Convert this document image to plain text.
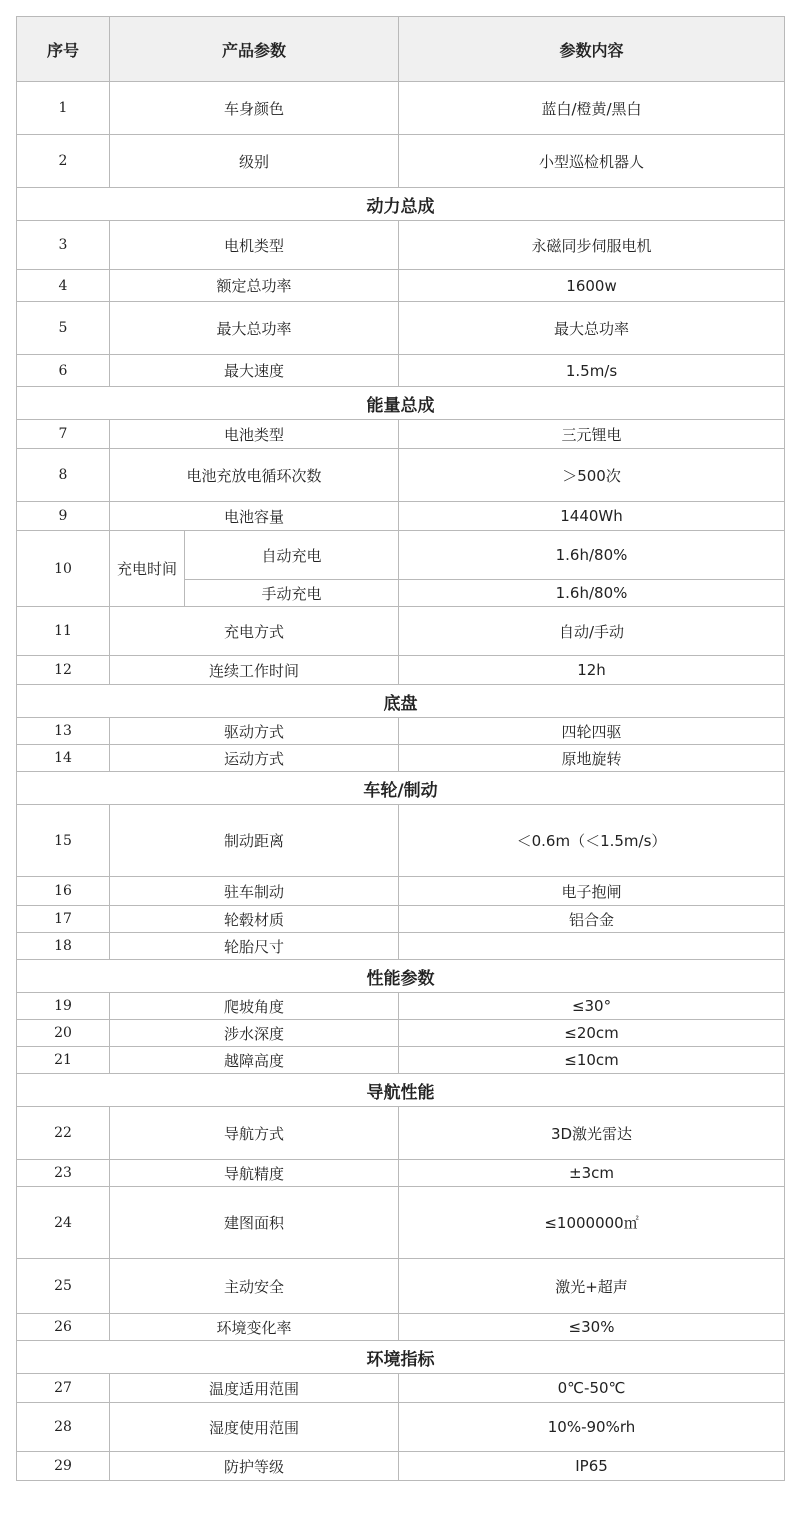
序号	产品参数		参数内容
1	车身颜色		蓝白/橙黄/黑白
2	级别		小型巡检机器人
动力总成			
3	电机类型		永磁同步伺服电机
4	额定总功率		1600w
5	最大总功率		最大总功率
6	最大速度		1.5m/s
能量总成			
7	电池类型		三元锂电
8	电池充放电循环次数		＞500次
9	电池容量		1440Wh
10	充电时间	自动充电	1.6h/80%
		手动充电	1.6h/80%
11	充电方式		自动/手动
12	连续工作时间		12h
底盘			
13	驱动方式		四轮四驱
14	运动方式		原地旋转
车轮/制动			
15	制动距离		＜0.6m（＜1.5m/s）
16	驻车制动		电子抱闸
17	轮毂材质		铝合金
18	轮胎尺寸		
性能参数			
19	爬坡角度		≤30°
20	涉水深度		≤20cm
21	越障高度		≤10cm
导航性能			
22	导航方式		3D激光雷达
23	导航精度		±3cm
24	建图面积		≤1000000㎡
25	主动安全		激光+超声
26	环境变化率		≤30%
环境指标			
27	温度适用范围		0℃-50℃
28	湿度使用范围		10%-90%rh
29	防护等级		IP65
